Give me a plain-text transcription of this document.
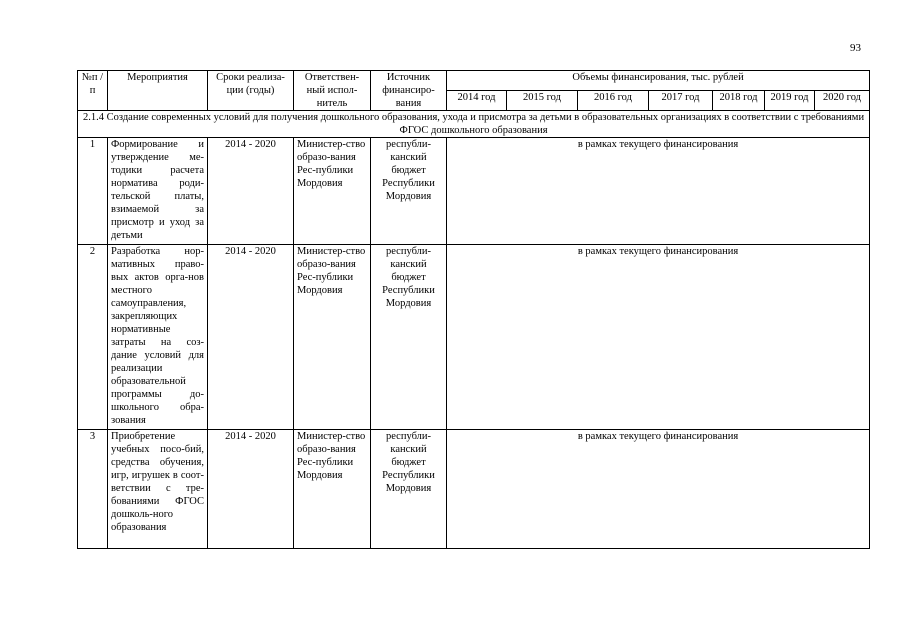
93
№п /п	Мероприятия	Сроки реализа-ции (годы)	Ответствен-ный испол-нитель	Источник финансиро-вания	Объемы финансирования, тыс. рублей						
					2014 год	2015 год	2016 год	2017 год	2018 год	2019 год	2020 год
2.1.4 Создание современных условий для получения дошкольного образования, ухода и присмотра за детьми в образовательных организациях в соответствии с требованиями ФГОС дошкольного образования											
1	Формирование и утверждение ме-тодики расчета норматива роди-тельской платы, взимаемой за присмотр и уход за детьми	2014 - 2020	Министер-ство образо-вания Рес-публики Мордовия	республи-канский бюджет Республики Мордовия	в рамках текущего финансирования						
2	Разработка нор-мативных право-вых актов орга-нов местного самоуправления, закрепляющих нормативные затраты на соз-дание условий для реализации образовательной программы до-школьного обра-зования	2014 - 2020	Министер-ство образо-вания Рес-публики Мордовия	республи-канский бюджет Республики Мордовия	в рамках текущего финансирования						
3	Приобретение учебных посо-бий, средства обучения, игр, игрушек в соот-ветствии с тре-бованиями ФГОС дошколь-ного образования	2014 - 2020	Министер-ство образо-вания Рес-публики Мордовия	республи-канский бюджет Республики Мордовия	в рамках текущего финансирования						
